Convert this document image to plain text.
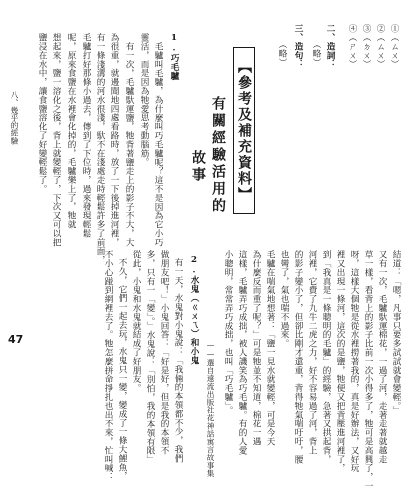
①（ㄙㄨ）
②（ㄙㄨ）
③（ㄉㄨ）
④（ㄕㄨ）
二、造詞：
（略）
三、造句：
（略）
【參考及補充資料】
有關經驗活用的
故事
1.巧毛驢
毛驢叫毛驢，為什麼叫巧毛驢呢？這不是因為它小巧
靈活，而是因為牠愛思考動腦筋。
有一次，毛驢馱運鹽，牠背著鹽走上的影子不大，大
為很重，就邊聞地四處看路時，放了一下後掉進河裡，
有一條淺溝的河水很淺，馱不在淺處走時輕鬆許多了前面，
毛驢打好那條小過去，傳到了下位時，過來發現輕鬆
呢，原來食鹽在水裡會化掉的，毛驢樂上了，牠就
想起來，鹽一溶化之後，背上就變輕了，下次又可以把
鹽浸在水中，讓食鹽溶化了好變輕鬆了。
結道：「嗯，凡事只要多試試就會變輕。」
又有一次，毛驢馱運棉花，一過了河，走著走著就越走
草一樣，看背上的影子比前一次小得多了，牠可是高興了，一
呀，這樣大個牠是從水裡撈著我的，真是好辦法，又好玩
裡又出現一條河，這次的是鹽，牠便又把背壓進河裡了，
到「我真是一條聰明的毛驢」的經驗，急著又拱起背，
河裡，它費了九牛二虎之力，好不容易過了河，背上
的影子變小了，但卻比剛才還重，背得牠氣喘吁吁，腰
也彎了，氣也喘不過來。
毛驢在喘氣地想著：「鹽一見水就變輕，可是今天
為什麼反而重了呢？」可是牠並不知道，棉花一遇
這樣，毛驢弄巧成拙，被人譏笑為巧毛驢。有的人愛
小聰明，常常弄巧成拙，也叫「巧毛驢」。
——選自遠流出版社花神話寓言故事集
2.水鬼（ㄍㄨㄟ）和小鬼
有一天，水鬼對小鬼說：「我倆的本領都不少，我們
做朋友吧！」小鬼回答：「好是好，但是我的本領不
多，只有一「變」。」水鬼說：「別怕，我的本領有限」
從此，小鬼和水鬼就結成了好朋友。
不久，它們一起去玩，水鬼只一變，變成了一條大鯉魚，
不小心踫到網裡去了。牠怎麼拼命掙扎也出不來，忙叫喊：
八、幾乎的經驗
47
